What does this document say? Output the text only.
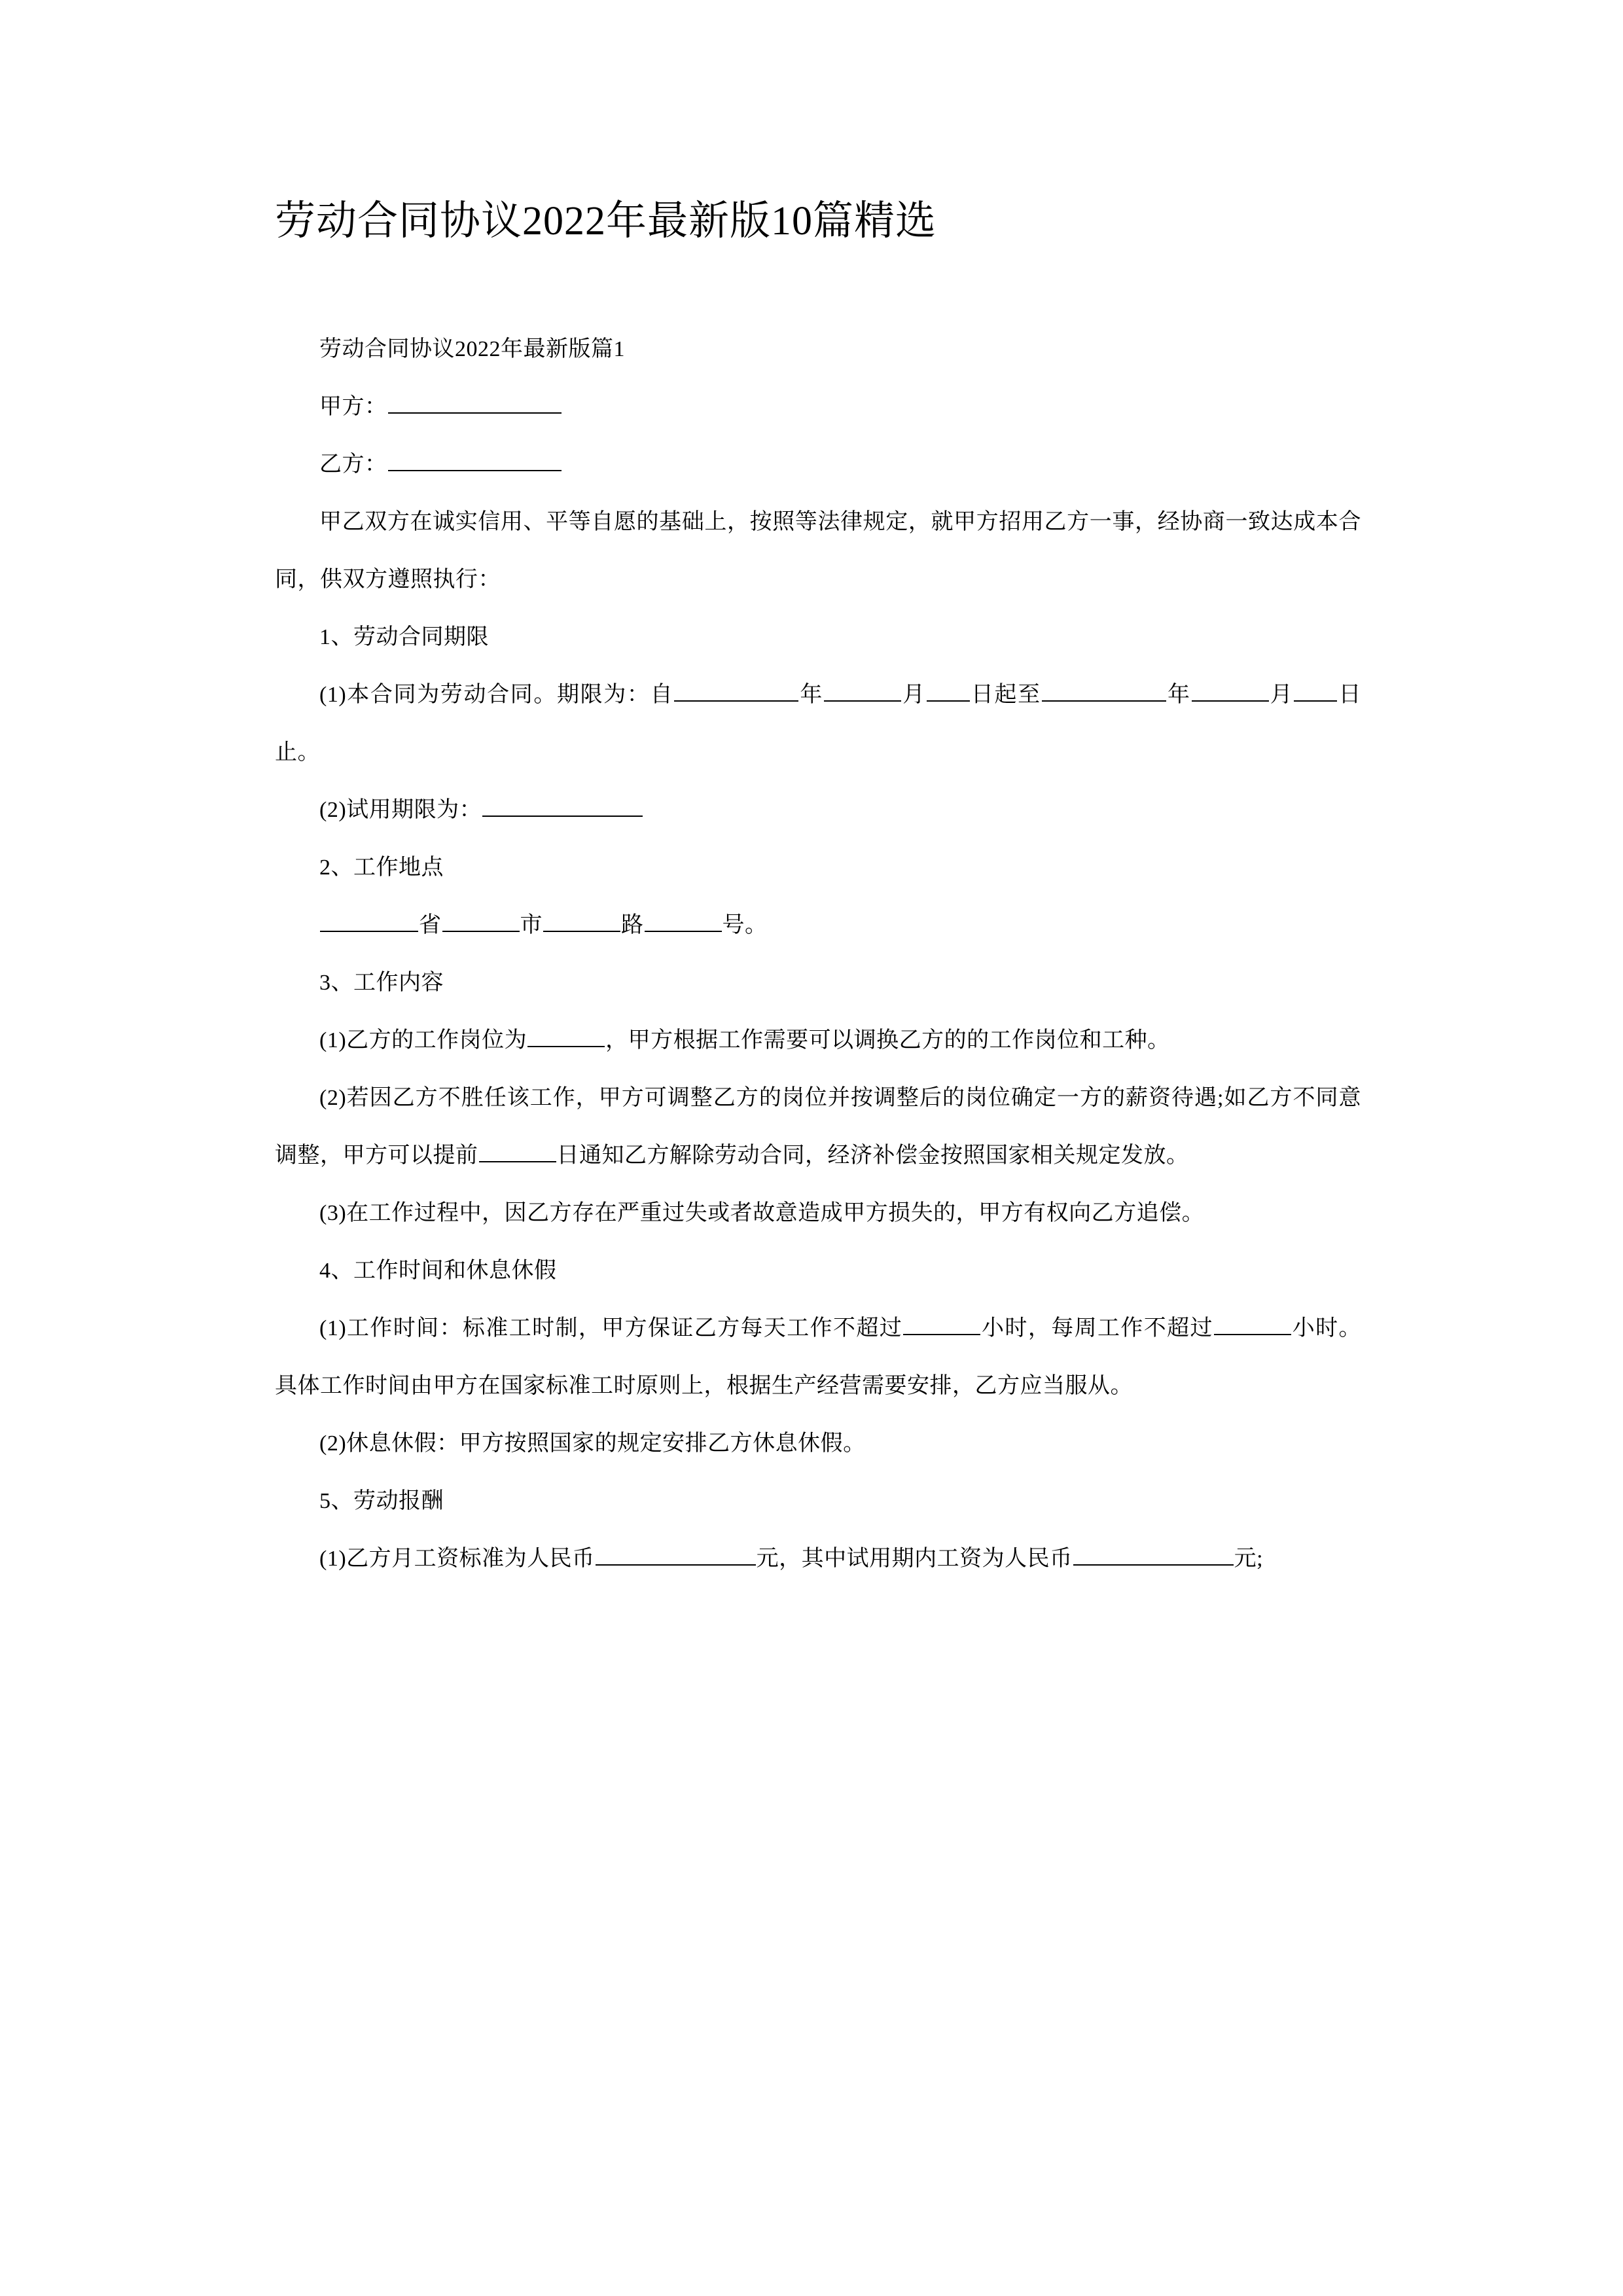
劳动合同协议2022年最新版10篇精选

劳动合同协议2022年最新版篇1

甲方：

乙方：

甲乙双方在诚实信用、平等自愿的基础上，按照等法律规定，就甲方招用乙方一事，经协商一致达成本合同，供双方遵照执行：

1、劳动合同期限

(1)本合同为劳动合同。期限为：自	年	月 日起至	年	月 日止。

(2)试用期限为：

2、工作地点

省	市	路	号。

3、工作内容

(1)乙方的工作岗位为	，甲方根据工作需要可以调换乙方的的工作岗位和工种。

(2)若因乙方不胜任该工作，甲方可调整乙方的岗位并按调整后的岗位确定一方的薪资待遇;如乙方不同意调整，甲方可以提前	日通知乙方解除劳动合同，经济补偿金按照国家相关规定发放。

(3)在工作过程中，因乙方存在严重过失或者故意造成甲方损失的，甲方有权向乙方追偿。

4、工作时间和休息休假

(1)工作时间：标准工时制，甲方保证乙方每天工作不超过	小时，每周工作不超过	小时。具体工作时间由甲方在国家标准工时原则上，根据生产经营需要安排，乙方应当服从。

(2)休息休假：甲方按照国家的规定安排乙方休息休假。

5、劳动报酬

(1)乙方月工资标准为人民币	元，其中试用期内工资为人民币	元;
